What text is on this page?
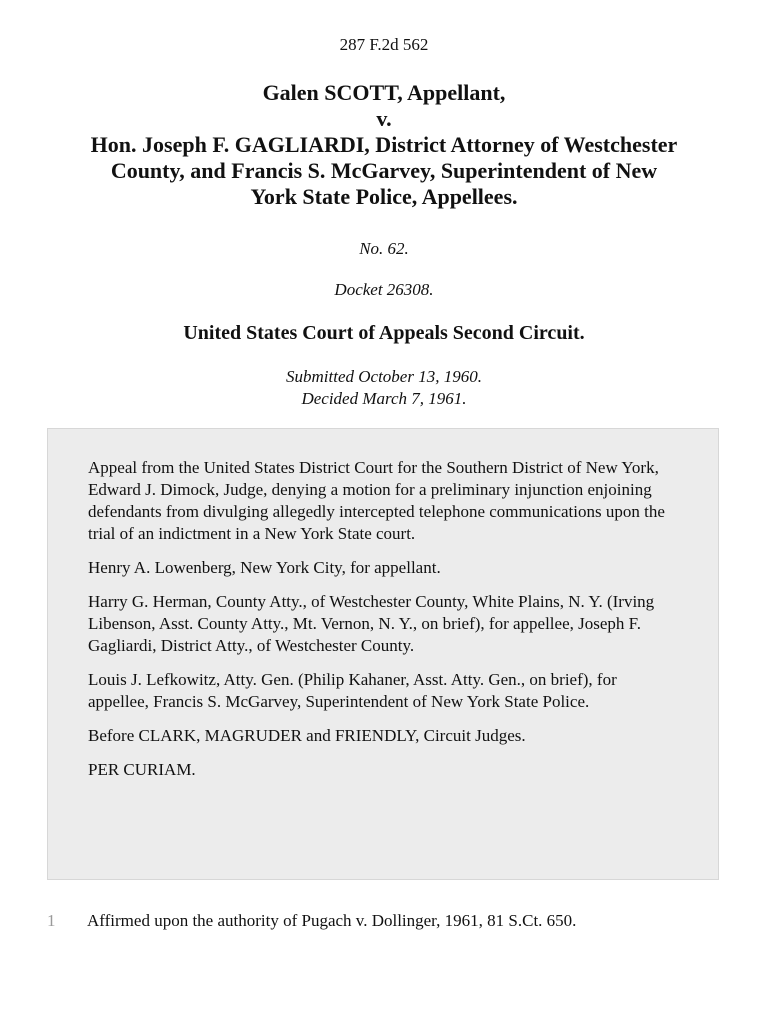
287 F.2d 562
Galen SCOTT, Appellant,
v.
Hon. Joseph F. GAGLIARDI, District Attorney of Westchester
County, and Francis S. McGarvey, Superintendent of New
York State Police, Appellees.
No. 62.
Docket 26308.
United States Court of Appeals Second Circuit.
Submitted October 13, 1960.
Decided March 7, 1961.

Appeal from the United States District Court for the Southern District of New York, Edward J. Dimock, Judge, denying a motion for a preliminary injunction enjoining defendants from divulging allegedly intercepted telephone communications upon the trial of an indictment in a New York State court.

Henry A. Lowenberg, New York City, for appellant.

Harry G. Herman, County Atty., of Westchester County, White Plains, N. Y. (Irving Libenson, Asst. County Atty., Mt. Vernon, N. Y., on brief), for appellee, Joseph F. Gagliardi, District Atty., of Westchester County.

Louis J. Lefkowitz, Atty. Gen. (Philip Kahaner, Asst. Atty. Gen., on brief), for appellee, Francis S. McGarvey, Superintendent of New York State Police.

Before CLARK, MAGRUDER and FRIENDLY, Circuit Judges.

PER CURIAM.

1 Affirmed upon the authority of Pugach v. Dollinger, 1961, 81 S.Ct. 650.
